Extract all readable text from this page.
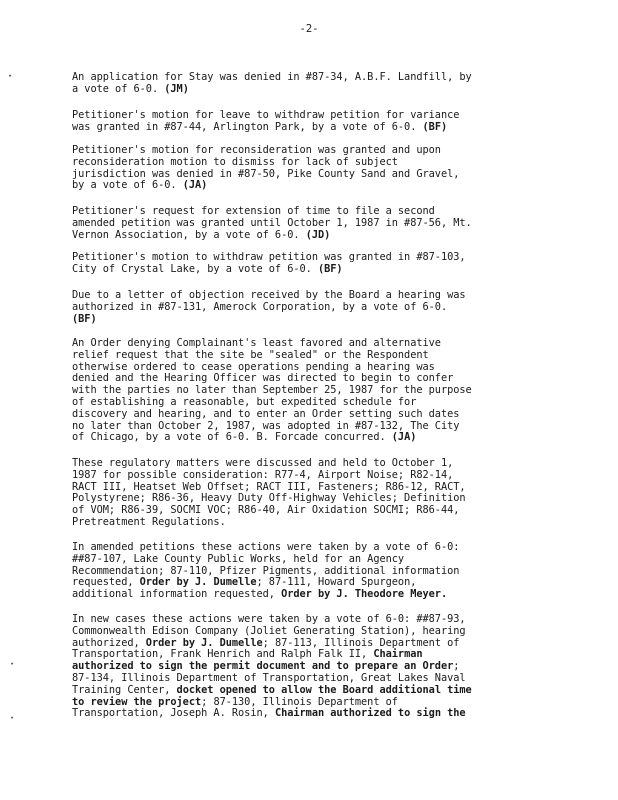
-2-
∙
∙
∙

An application for Stay was denied in #87-34, A.B.F. Landfill, by
a vote of 6-0. (JM)

Petitioner's motion for leave to withdraw petition for variance
was granted in #87-44, Arlington Park, by a vote of 6-0. (BF)

Petitioner's motion for reconsideration was granted and upon
reconsideration motion to dismiss for lack of subject
jurisdiction was denied in #87-50, Pike County Sand and Gravel,
by a vote of 6-0. (JA)

Petitioner's request for extension of time to file a second
amended petition was granted until October 1, 1987 in #87-56, Mt.
Vernon Association, by a vote of 6-0. (JD)

Petitioner's motion to withdraw petition was granted in #87-103,
City of Crystal Lake, by a vote of 6-0. (BF)

Due to a letter of objection received by the Board a hearing was
authorized in #87-131, Amerock Corporation, by a vote of 6-0.
(BF)

An Order denying Complainant's least favored and alternative
relief request that the site be "sealed" or the Respondent
otherwise ordered to cease operations pending a hearing was
denied and the Hearing Officer was directed to begin to confer
with the parties no later than September 25, 1987 for the purpose
of establishing a reasonable, but expedited schedule for
discovery and hearing, and to enter an Order setting such dates
no later than October 2, 1987, was adopted in #87-132, The City
of Chicago, by a vote of 6-0. B. Forcade concurred. (JA)

These regulatory matters were discussed and held to October 1,
1987 for possible consideration: R77-4, Airport Noise; R82-14,
RACT III, Heatset Web Offset; RACT III, Fasteners; R86-12, RACT,
Polystyrene; R86-36, Heavy Duty Off-Highway Vehicles; Definition
of VOM; R86-39, SOCMI VOC; R86-40, Air Oxidation SOCMI; R86-44,
Pretreatment Regulations.

In amended petitions these actions were taken by a vote of 6-0:
##87-107, Lake County Public Works, held for an Agency
Recommendation; 87-110, Pfizer Pigments, additional information
requested, Order by J. Dumelle; 87-111, Howard Spurgeon,
additional information requested, Order by J. Theodore Meyer.

In new cases these actions were taken by a vote of 6-0: ##87-93,
Commonwealth Edison Company (Joliet Generating Station), hearing
authorized, Order by J. Dumelle; 87-113, Illinois Department of
Transportation, Frank Henrich and Ralph Falk II, Chairman
authorized to sign the permit document and to prepare an Order;
87-134, Illinois Department of Transportation, Great Lakes Naval
Training Center, docket opened to allow the Board additional time
to review the project; 87-130, Illinois Department of
Transportation, Joseph A. Rosin, Chairman authorized to sign the
